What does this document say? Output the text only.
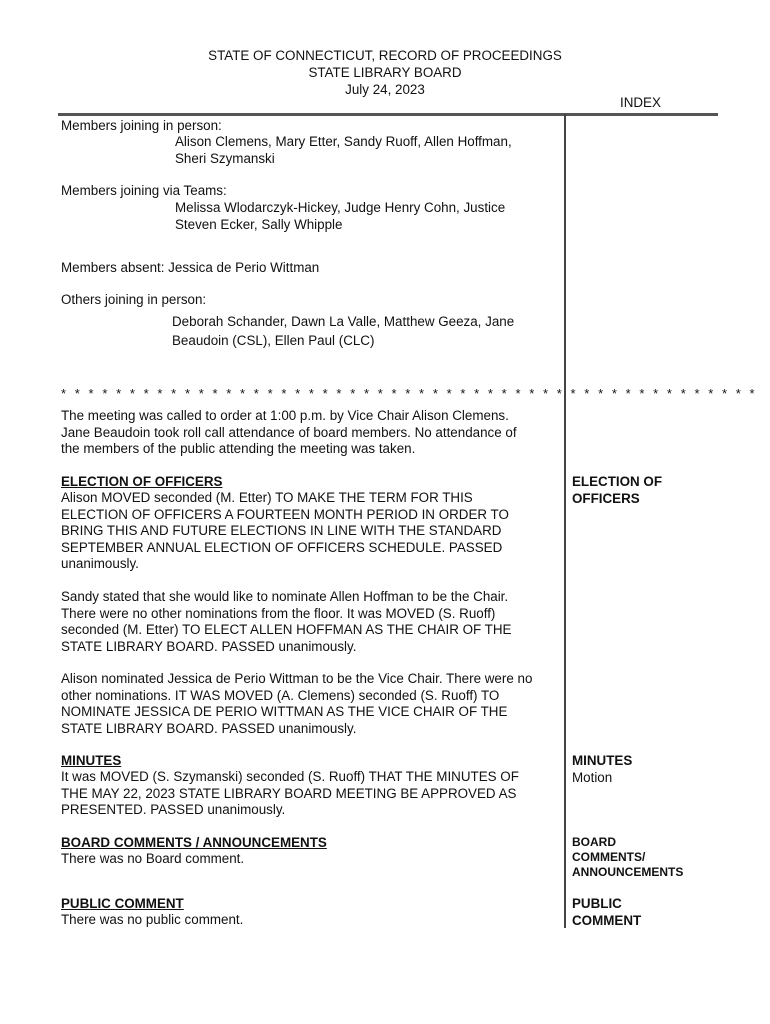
STATE OF CONNECTICUT, RECORD OF PROCEEDINGS
STATE LIBRARY BOARD
July 24, 2023
INDEX
Members joining in person:
Alison Clemens, Mary Etter, Sandy Ruoff, Allen Hoffman,
Sheri Szymanski
Members joining via Teams:
Melissa Wlodarczyk-Hickey, Judge Henry Cohn, Justice
Steven Ecker, Sally Whipple
Members absent: Jessica de Perio Wittman
Others joining in person:
Deborah Schander, Dawn La Valle, Matthew Geeza, Jane
Beaudoin (CSL), Ellen Paul (CLC)
* * * * * * * * * * * * * * * * * * * * * * * * * * * * * * * * * * * * * * * * * * * * * * * * * * *
The meeting was called to order at 1:00 p.m. by Vice Chair Alison Clemens.
Jane Beaudoin took roll call attendance of board members. No attendance of
the members of the public attending the meeting was taken.
ELECTION OF OFFICERS
Alison MOVED seconded (M. Etter) TO MAKE THE TERM FOR THIS
ELECTION OF OFFICERS A FOURTEEN MONTH PERIOD IN ORDER TO
BRING THIS AND FUTURE ELECTIONS IN LINE WITH THE STANDARD
SEPTEMBER ANNUAL ELECTION OF OFFICERS SCHEDULE. PASSED
unanimously.
Sandy stated that she would like to nominate Allen Hoffman to be the Chair.
There were no other nominations from the floor. It was MOVED (S. Ruoff)
seconded (M. Etter) TO ELECT ALLEN HOFFMAN AS THE CHAIR OF THE
STATE LIBRARY BOARD. PASSED unanimously.
Alison nominated Jessica de Perio Wittman to be the Vice Chair. There were no
other nominations. IT WAS MOVED (A. Clemens) seconded (S. Ruoff) TO
NOMINATE JESSICA DE PERIO WITTMAN AS THE VICE CHAIR OF THE
STATE LIBRARY BOARD. PASSED unanimously.
ELECTION OF
OFFICERS
MINUTES
It was MOVED (S. Szymanski) seconded (S. Ruoff) THAT THE MINUTES OF
THE MAY 22, 2023 STATE LIBRARY BOARD MEETING BE APPROVED AS
PRESENTED. PASSED unanimously.
MINUTES
Motion
BOARD COMMENTS / ANNOUNCEMENTS
There was no Board comment.
BOARD
COMMENTS/
ANNOUNCEMENTS
PUBLIC COMMENT
There was no public comment.
PUBLIC
COMMENT
